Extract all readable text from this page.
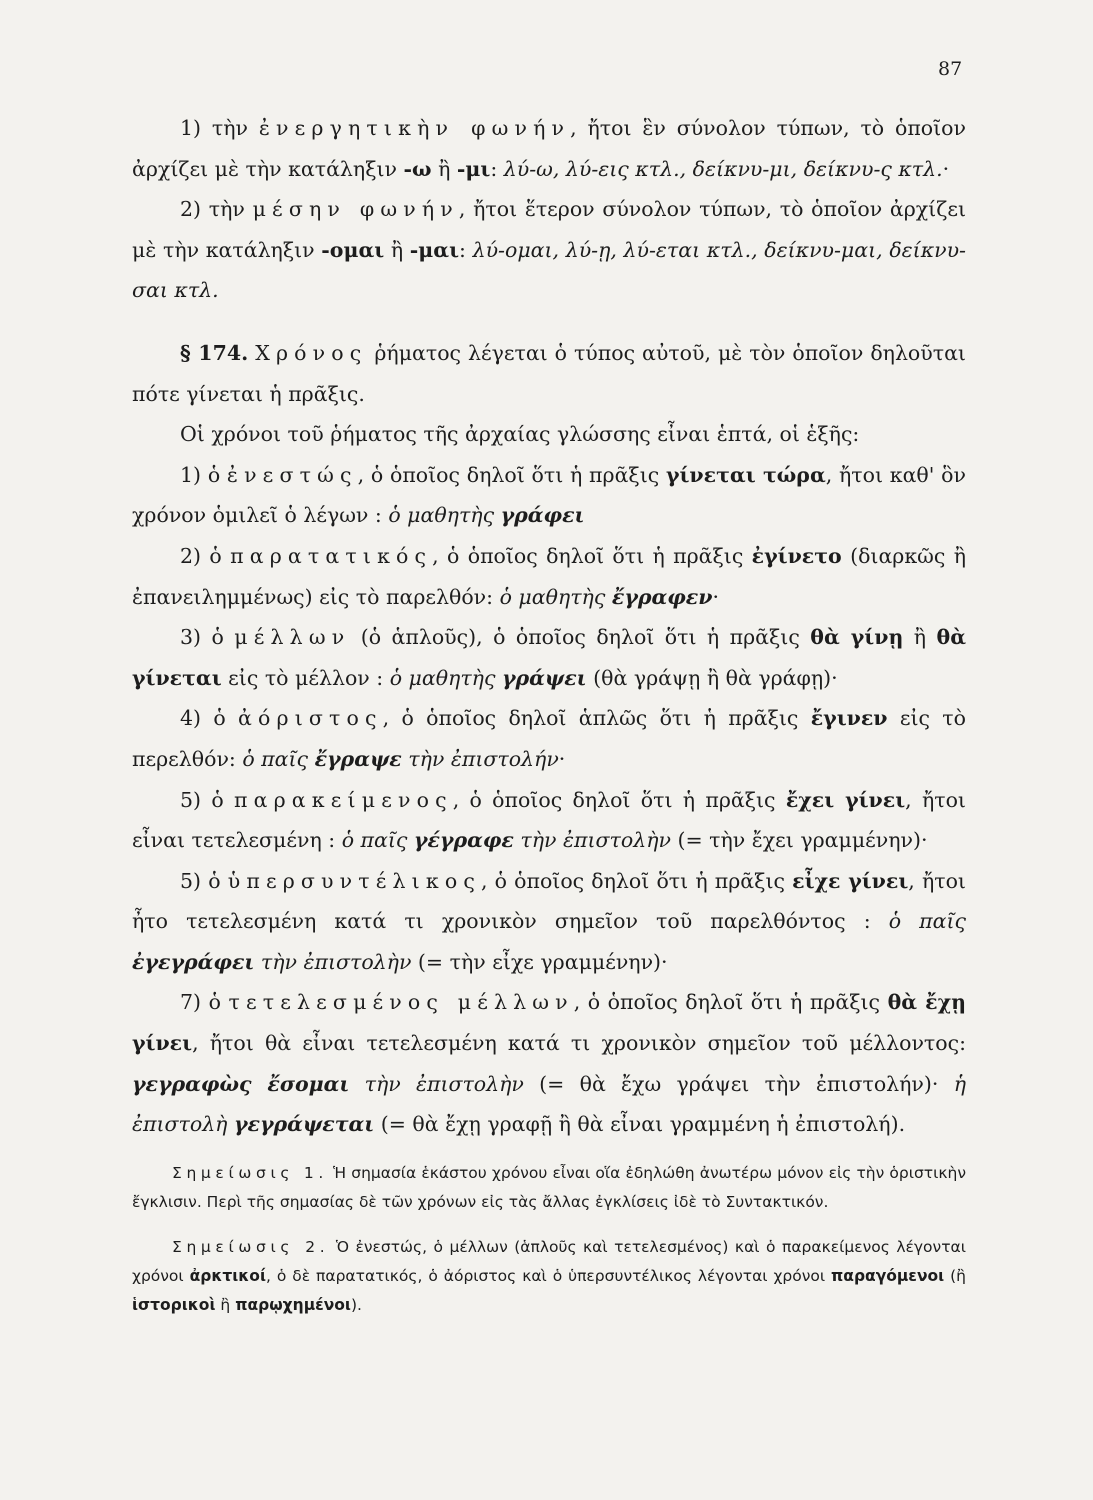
87

1) τὴν ἐνεργητικὴν φωνήν, ἤτοι ἓν σύνολον τύπων, τὸ ὁποῖον ἀρχίζει μὲ τὴν κατάληξιν -ω ἢ -μι: λύ-ω, λύ-εις κτλ., δείκνυ-μι, δείκνυ-ς κτλ.·

2) τὴν μέσην φωνήν, ἤτοι ἕτερον σύνολον τύπων, τὸ ὁποῖον ἀρχίζει μὲ τὴν κατάληξιν -ομαι ἢ -μαι: λύ-ομαι, λύ-ῃ, λύ-εται κτλ., δείκνυ-μαι, δείκνυ-σαι κτλ.

§ 174. Χρόνος ῥήματος λέγεται ὁ τύπος αὐτοῦ, μὲ τὸν ὁποῖον δηλοῦται πότε γίνεται ἡ πρᾶξις.

Οἱ χρόνοι τοῦ ῥήματος τῆς ἀρχαίας γλώσσης εἶναι ἑπτά, οἱ ἑξῆς:

1) ὁ ἐνεστώς, ὁ ὁποῖος δηλοῖ ὅτι ἡ πρᾶξις γίνεται τώρα, ἤτοι καθ' ὃν χρόνον ὁμιλεῖ ὁ λέγων : ὁ μαθητὴς γράφει

2) ὁ παρατατικός, ὁ ὁποῖος δηλοῖ ὅτι ἡ πρᾶξις ἐγίνετο (διαρκῶς ἢ ἐπανειλημμένως) εἰς τὸ παρελθόν: ὁ μαθητὴς ἔγραφεν·

3) ὁ μέλλων (ὁ ἁπλοῦς), ὁ ὁποῖος δηλοῖ ὅτι ἡ πρᾶξις θὰ γίνῃ ἢ θὰ γίνεται εἰς τὸ μέλλον : ὁ μαθητὴς γράψει (θὰ γράψῃ ἢ θὰ γράφῃ)·

4) ὁ ἀόριστος, ὁ ὁποῖος δηλοῖ ἁπλῶς ὅτι ἡ πρᾶξις ἔγινεν εἰς τὸ περελθόν: ὁ παῖς ἔγραψε τὴν ἐπιστολήν·

5) ὁ παρακείμενος, ὁ ὁποῖος δηλοῖ ὅτι ἡ πρᾶξις ἔχει γίνει, ἤτοι εἶναι τετελεσμένη : ὁ παῖς γέγραφε τὴν ἐπιστολὴν (= τὴν ἔχει γραμμένην)·

5) ὁ ὑπερσυντέλικος, ὁ ὁποῖος δηλοῖ ὅτι ἡ πρᾶξις εἶχε γίνει, ἤτοι ἦτο τετελεσμένη κατά τι χρονικὸν σημεῖον τοῦ παρελθόντος : ὁ παῖς ἐγεγράφει τὴν ἐπιστολὴν (= τὴν εἶχε γραμμένην)·

7) ὁ τετελεσμένος μέλλων, ὁ ὁποῖος δηλοῖ ὅτι ἡ πρᾶξις θὰ ἔχῃ γίνει, ἤτοι θὰ εἶναι τετελεσμένη κατά τι χρονικὸν σημεῖον τοῦ μέλλοντος: γεγραφὼς ἔσομαι τὴν ἐπιστολὴν (= θὰ ἔχω γράψει τὴν ἐπιστολήν)· ἡ ἐπιστολὴ γεγράψεται (= θὰ ἔχῃ γραφῇ ἢ θὰ εἶναι γραμμένη ἡ ἐπιστολή).

Σημείωσις 1. Ἡ σημασία ἑκάστου χρόνου εἶναι οἵα ἐδηλώθη ἀνωτέρω μόνον εἰς τὴν ὁριστικὴν ἔγκλισιν. Περὶ τῆς σημασίας δὲ τῶν χρόνων εἰς τὰς ἄλλας ἐγκλίσεις ἰδὲ τὸ Συντακτικόν.

Σημείωσις 2. Ὁ ἐνεστώς, ὁ μέλλων (ἁπλοῦς καὶ τετελεσμένος) καὶ ὁ παρακείμενος λέγονται χρόνοι ἀρκτικοί, ὁ δὲ παρατατικός, ὁ ἀόριστος καὶ ὁ ὑπερσυντέλικος λέγονται χρόνοι παραγόμενοι (ἢ ἱστορικοὶ ἢ παρῳχημένοι).
